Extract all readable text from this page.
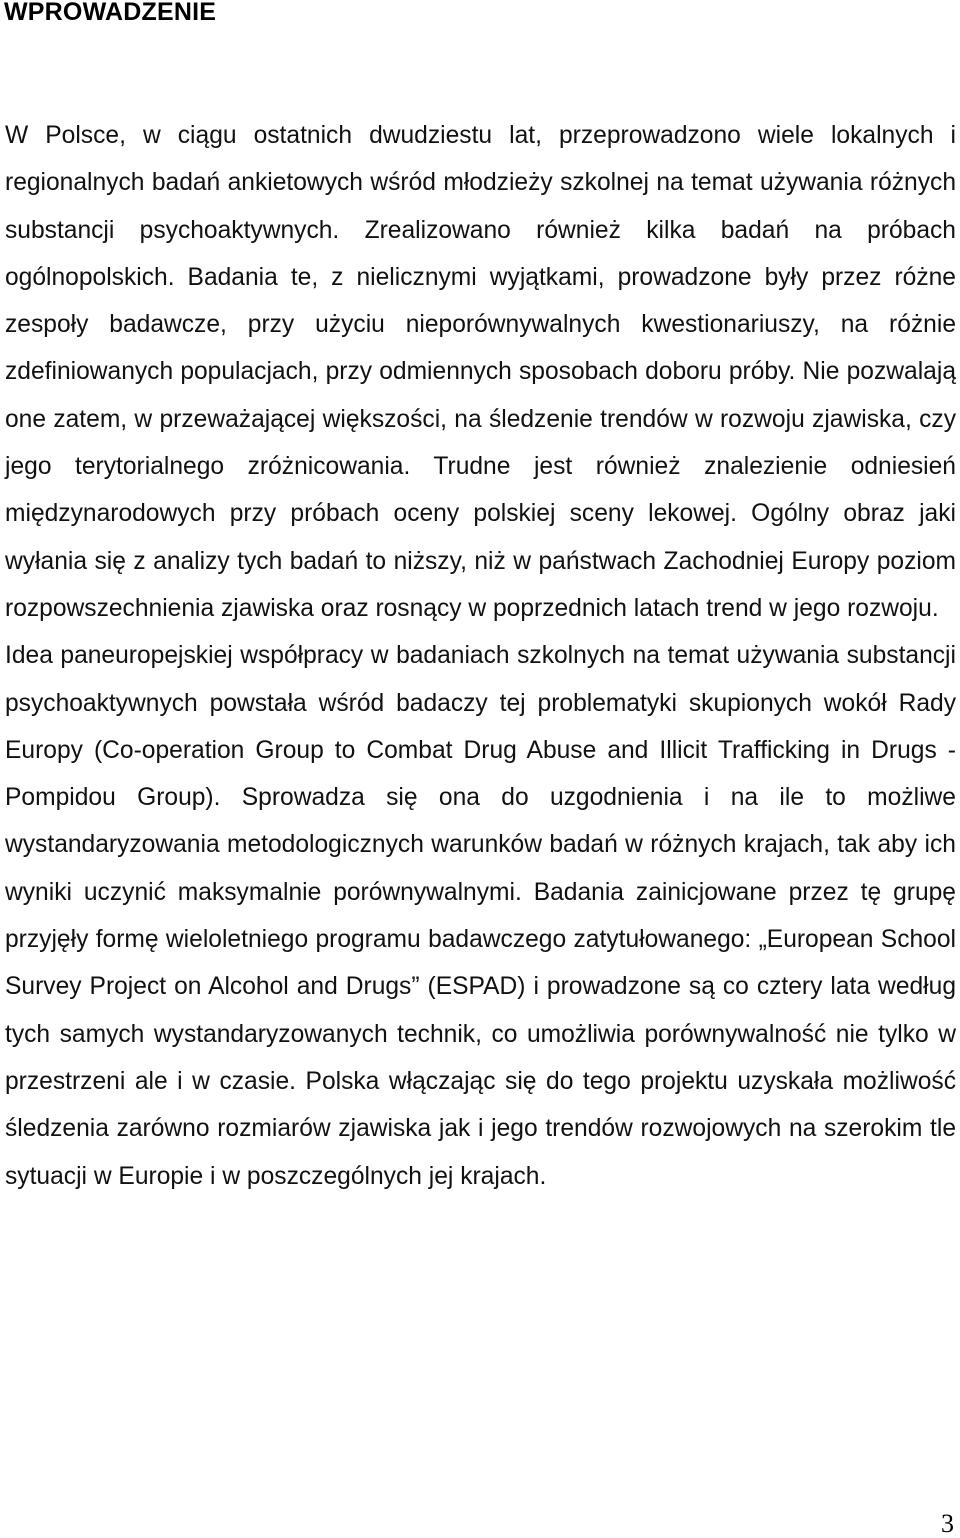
WPROWADZENIE

W Polsce, w ciągu ostatnich dwudziestu lat, przeprowadzono wiele lokalnych i regionalnych badań ankietowych wśród młodzieży szkolnej na temat używania różnych substancji psychoaktywnych. Zrealizowano również kilka badań na próbach ogólnopolskich. Badania te, z nielicznymi wyjątkami, prowadzone były przez różne zespoły badawcze, przy użyciu nieporównywalnych kwestionariuszy, na różnie zdefiniowanych populacjach, przy odmiennych sposobach doboru próby. Nie pozwalają one zatem, w przeważającej większości, na śledzenie trendów w rozwoju zjawiska, czy jego terytorialnego zróżnicowania. Trudne jest również znalezienie odniesień międzynarodowych przy próbach oceny polskiej sceny lekowej. Ogólny obraz jaki wyłania się z analizy tych badań to niższy, niż w państwach Zachodniej Europy poziom rozpowszechnienia zjawiska oraz rosnący w poprzednich latach trend w jego rozwoju.

Idea paneuropejskiej współpracy w badaniach szkolnych na temat używania substancji psychoaktywnych powstała wśród badaczy tej problematyki skupionych wokół Rady Europy (Co-operation Group to Combat Drug Abuse and Illicit Trafficking in Drugs - Pompidou Group). Sprowadza się ona do uzgodnienia i na ile to możliwe wystandaryzowania metodologicznych warunków badań w różnych krajach, tak aby ich wyniki uczynić maksymalnie porównywalnymi. Badania zainicjowane przez tę grupę przyjęły formę wieloletniego programu badawczego zatytułowanego: „European School Survey Project on Alcohol and Drugs” (ESPAD) i prowadzone są co cztery lata według tych samych wystandaryzowanych technik, co umożliwia porównywalność nie tylko w przestrzeni ale i w czasie. Polska włączając się do tego projektu uzyskała możliwość śledzenia zarówno rozmiarów zjawiska jak i jego trendów rozwojowych na szerokim tle sytuacji w Europie i w poszczególnych jej krajach.

3
